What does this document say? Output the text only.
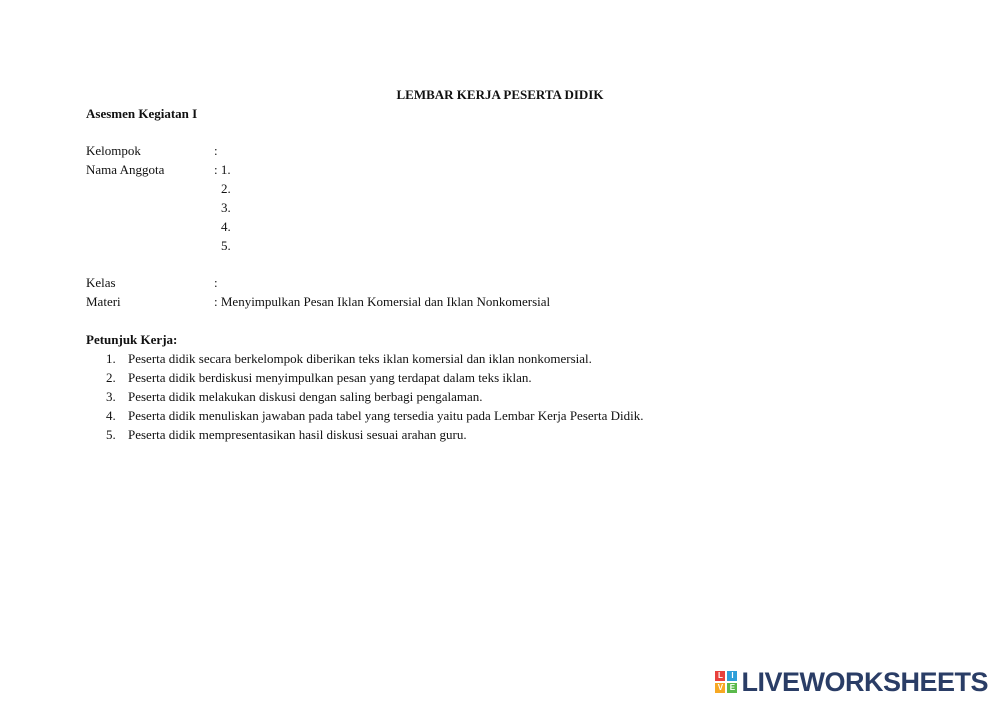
LEMBAR KERJA PESERTA DIDIK
Asesmen Kegiatan I
Kelompok	:
Nama Anggota	: 1.
2.
3.
4.
5.
Kelas	:
Materi	: Menyimpulkan Pesan Iklan Komersial dan Iklan Nonkomersial
Petunjuk Kerja:
1. Peserta didik secara berkelompok diberikan teks iklan komersial dan iklan nonkomersial.
2. Peserta didik berdiskusi menyimpulkan pesan yang terdapat dalam teks iklan.
3. Peserta didik melakukan diskusi dengan saling berbagi pengalaman.
4. Peserta didik menuliskan jawaban pada tabel yang tersedia yaitu pada Lembar Kerja Peserta Didik.
5. Peserta didik mempresentasikan hasil diskusi sesuai arahan guru.
L	I
V E LIVEWORKSHEETS
